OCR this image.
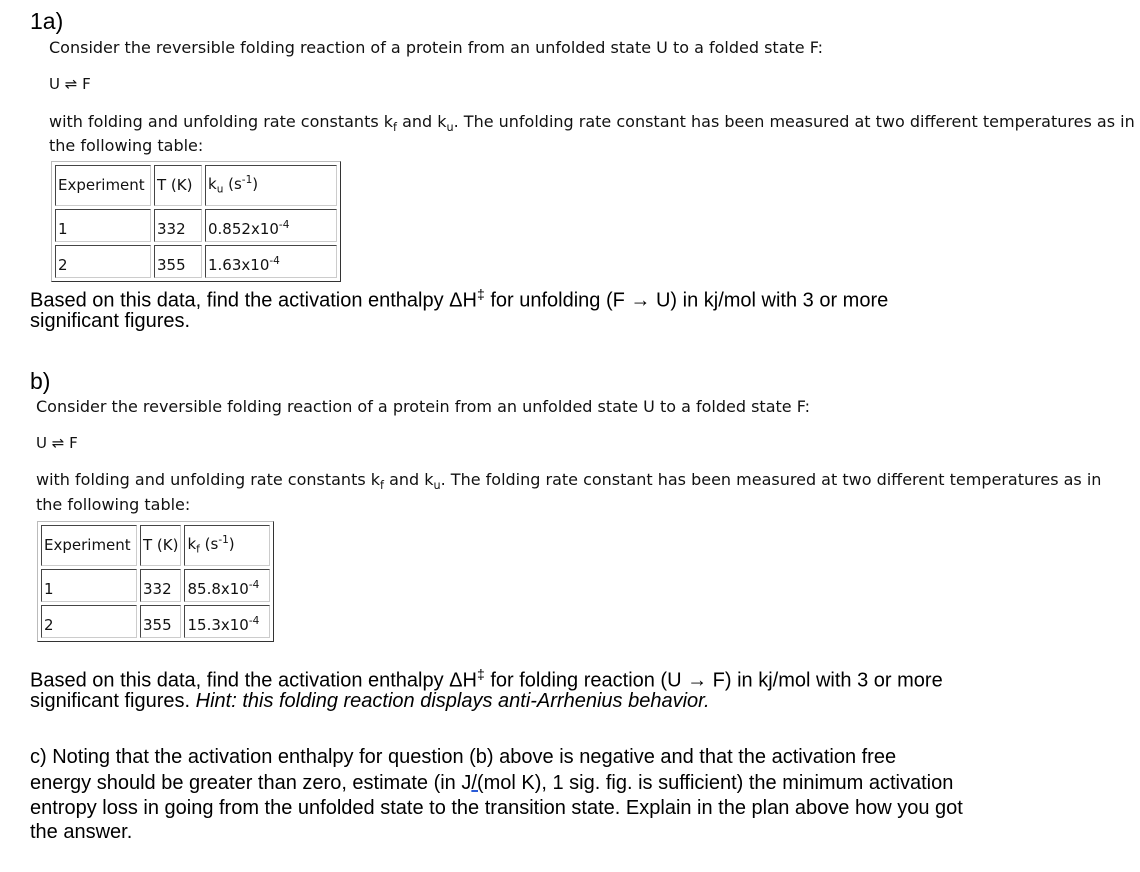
1a)
Consider the reversible folding reaction of a protein from an unfolded state U to a folded state F:
U ⇌ F
with folding and unfolding rate constants $k_f$ and $k_u$. The unfolding rate constant has been measured at two different temperatures as in
the following table:
Experiment	T (K)	$k_u$ $(s^{-1})$
1	332	$0.852x10^{-4}$
2	355	$1.63x10^{-4}$
Based on this data, find the activation enthalpy ΔH‡ for unfolding (F → U) in kj/mol with 3 or more
significant figures.
b)
Consider the reversible folding reaction of a protein from an unfolded state U to a folded state F:
U ⇌ F
with folding and unfolding rate constants $k_f$ and $k_u$. The folding rate constant has been measured at two different temperatures as in
the following table:
Experiment	T (K)	$k_f$ $(s^{-1})$
1	332	$85.8x10^{-4}$
2	355	$15.3x10^{-4}$
Based on this data, find the activation enthalpy ΔH‡ for folding reaction (U → F) in kj/mol with 3 or more
significant figures. Hint: this folding reaction displays anti-Arrhenius behavior.
c) Noting that the activation enthalpy for question (b) above is negative and that the activation free
energy should be greater than zero, estimate (in J/(mol K), 1 sig. fig. is sufficient) the minimum activation
entropy loss in going from the unfolded state to the transition state. Explain in the plan above how you got
the answer.
